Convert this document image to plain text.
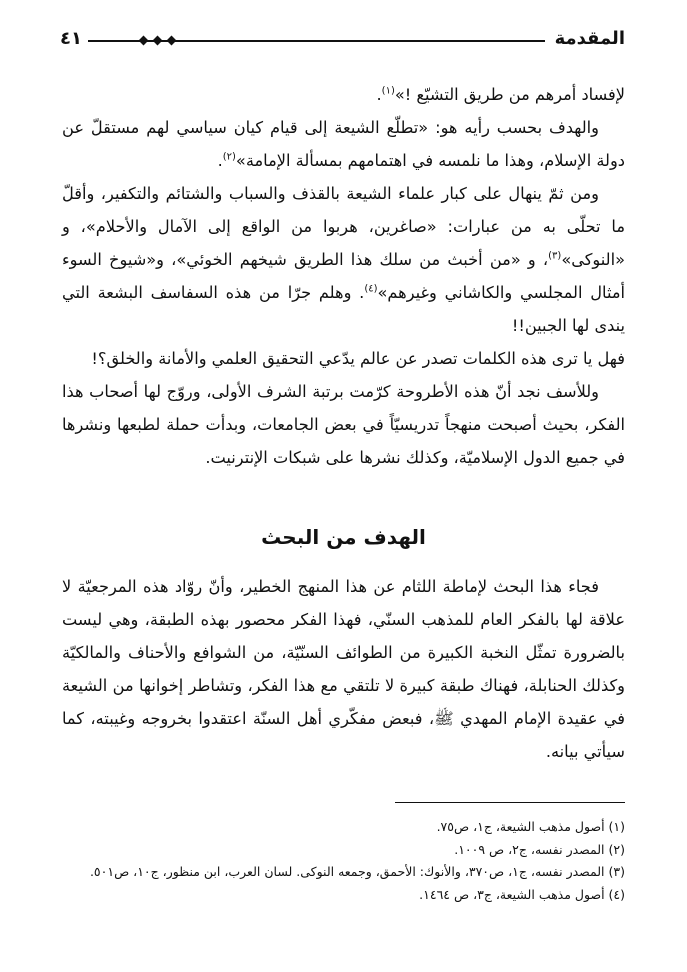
المقدمة
٤١

لإفساد أمرهم من طريق التشيّع !»$^{(١)}$.

والهدف بحسب رأيه هو: «تطلّع الشيعة إلى قيام كيان سياسي لهم مستقلّ عن دولة الإسلام، وهذا ما نلمسه في اهتمامهم بمسألة الإمامة»$^{(٢)}$.

ومن ثمّ ينهال على كبار علماء الشيعة بالقذف والسباب والشتائم والتكفير، وأقلّ ما تحلّى به من عبارات: «صاغرين، هربوا من الواقع إلى الآمال والأحلام»، و «النوكى»$^{(٣)}$، و «من أخبث من سلك هذا الطريق شيخهم الخوئي»، و«شيوخ السوء أمثال المجلسي والكاشاني وغيرهم»$^{(٤)}$. وهلم جرّا من هذه السفاسف البشعة التي يندى لها الجبين!!

فهل يا ترى هذه الكلمات تصدر عن عالم يدّعي التحقيق العلمي والأمانة والخلق؟!

وللأسف نجد أنّ هذه الأطروحة كرّمت برتبة الشرف الأولى، وروّج لها أصحاب هذا الفكر، بحيث أصبحت منهجاً تدريسيّاً في بعض الجامعات، وبدأت حملة لطبعها ونشرها في جميع الدول الإسلاميّة، وكذلك نشرها على شبكات الإنترنيت.

الهدف من البحث

فجاء هذا البحث لإماطة اللثام عن هذا المنهج الخطير، وأنّ روّاد هذه المرجعيّة لا علاقة لها بالفكر العام للمذهب السنّي، فهذا الفكر محصور بهذه الطبقة، وهي ليست بالضرورة تمثّل النخبة الكبيرة من الطوائف السنّيّة، من الشوافع والأحناف والمالكيّة وكذلك الحنابلة، فهناك طبقة كبيرة لا تلتقي مع هذا الفكر، وتشاطر إخوانها من الشيعة في عقيدة الإمام المهدي ﷺ، فبعض مفكّري أهل السنّة اعتقدوا بخروجه وغيبته، كما سيأتي بيانه.

(١) أصول مذهب الشيعة، ج١، ص٧٥.

(٢) المصدر نفسه، ج٢، ص ١٠٠٩.

(٣) المصدر نفسه، ج١، ص٣٧٠، والأنوك: الأحمق، وجمعه النوكى. لسان العرب، ابن منظور، ج١٠، ص٥٠١.

(٤) أصول مذهب الشيعة، ج٣، ص ١٤٦٤.
